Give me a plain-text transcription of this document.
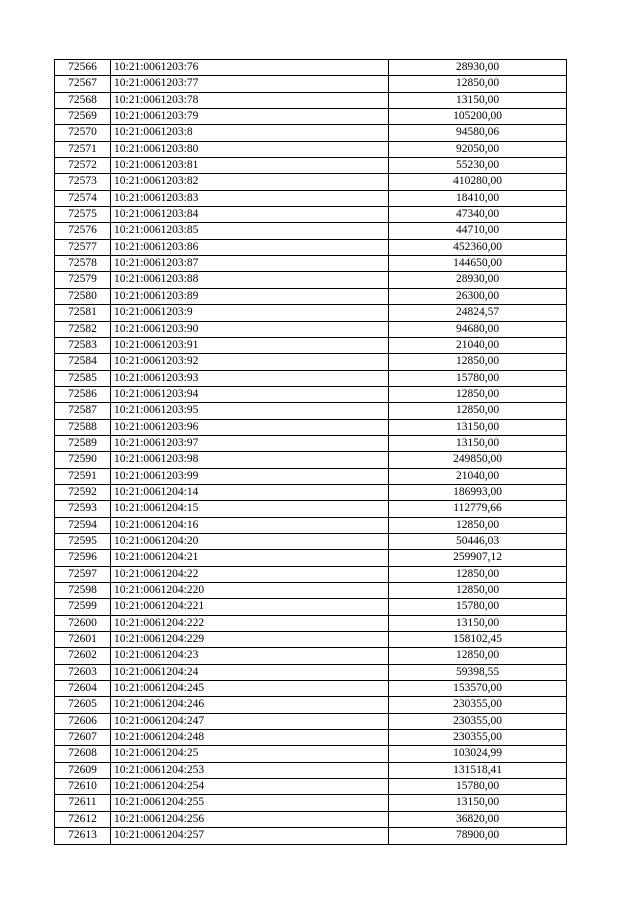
72566	10:21:0061203:76	28930,00
72567	10:21:0061203:77	12850,00
72568	10:21:0061203:78	13150,00
72569	10:21:0061203:79	105200,00
72570	10:21:0061203:8	94580,06
72571	10:21:0061203:80	92050,00
72572	10:21:0061203:81	55230,00
72573	10:21:0061203:82	410280,00
72574	10:21:0061203:83	18410,00
72575	10:21:0061203:84	47340,00
72576	10:21:0061203:85	44710,00
72577	10:21:0061203:86	452360,00
72578	10:21:0061203:87	144650,00
72579	10:21:0061203:88	28930,00
72580	10:21:0061203:89	26300,00
72581	10:21:0061203:9	24824,57
72582	10:21:0061203:90	94680,00
72583	10:21:0061203:91	21040,00
72584	10:21:0061203:92	12850,00
72585	10:21:0061203:93	15780,00
72586	10:21:0061203:94	12850,00
72587	10:21:0061203:95	12850,00
72588	10:21:0061203:96	13150,00
72589	10:21:0061203:97	13150,00
72590	10:21:0061203:98	249850,00
72591	10:21:0061203:99	21040,00
72592	10:21:0061204:14	186993,00
72593	10:21:0061204:15	112779,66
72594	10:21:0061204:16	12850,00
72595	10:21:0061204:20	50446,03
72596	10:21:0061204:21	259907,12
72597	10:21:0061204:22	12850,00
72598	10:21:0061204:220	12850,00
72599	10:21:0061204:221	15780,00
72600	10:21:0061204:222	13150,00
72601	10:21:0061204:229	158102,45
72602	10:21:0061204:23	12850,00
72603	10:21:0061204:24	59398,55
72604	10:21:0061204:245	153570,00
72605	10:21:0061204:246	230355,00
72606	10:21:0061204:247	230355,00
72607	10:21:0061204:248	230355,00
72608	10:21:0061204:25	103024,99
72609	10:21:0061204:253	131518,41
72610	10:21:0061204:254	15780,00
72611	10:21:0061204:255	13150,00
72612	10:21:0061204:256	36820,00
72613	10:21:0061204:257	78900,00
